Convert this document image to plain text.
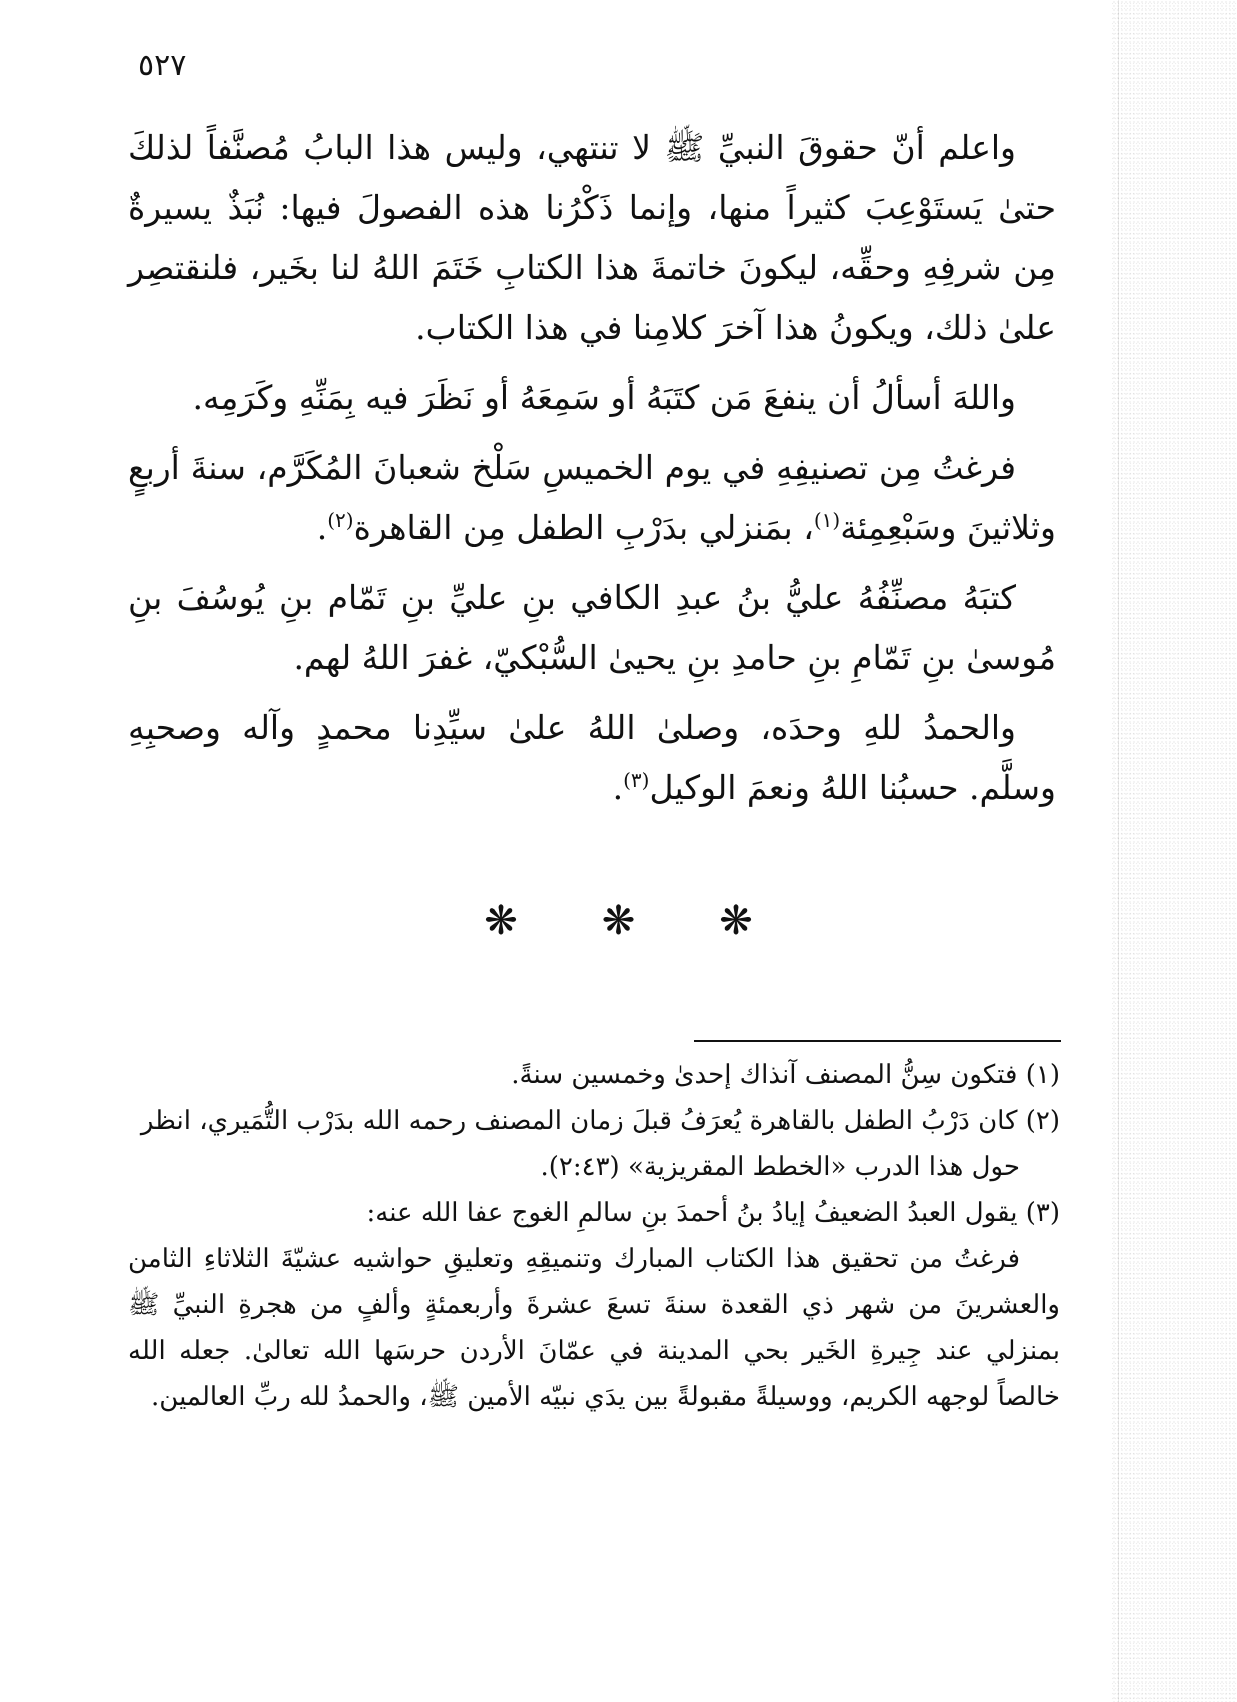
٥٢٧

واعلم أنّ حقوقَ النبيِّ ﷺ لا تنتهي، وليس هذا البابُ مُصنَّفاً لذلكَ حتىٰ يَستَوْعِبَ كثيراً منها، وإنما ذَكْرُنا هذه الفصولَ فيها: نُبَذٌ يسيرةٌ مِن شرفِهِ وحقِّه، ليكونَ خاتمةَ هذا الكتابِ خَتَمَ اللهُ لنا بخَير، فلنقتصِر علىٰ ذلك، ويكونُ هذا آخرَ كلامِنا في هذا الكتاب.

واللهَ أسألُ أن ينفعَ مَن كتَبَهُ أو سَمِعَهُ أو نَظَرَ فيه بِمَنِّهِ وكَرَمِه.

فرغتُ مِن تصنيفِهِ في يوم الخميسِ سَلْخ شعبانَ المُكَرَّم، سنةَ أربعٍ وثلاثينَ وسَبْعِمِئة$^{(١)}$، بمَنزلي بدَرْبِ الطفل مِن القاهرة$^{(٢)}$.

كتبَهُ مصنِّفُهُ عليُّ بنُ عبدِ الكافي بنِ عليِّ بنِ تَمّام بنِ يُوسُفَ بنِ مُوسىٰ بنِ تَمّامِ بنِ حامدِ بنِ يحيىٰ السُّبْكيّ، غفرَ اللهُ لهم.

والحمدُ للهِ وحدَه، وصلىٰ اللهُ علىٰ سيِّدِنا محمدٍ وآله وصحبِهِ وسلَّم. حسبُنا اللهُ ونعمَ الوكيل$^{(٣)}$.

❋❋❋

(١) فتكون سِنُّ المصنف آنذاك إحدىٰ وخمسين سنةً.

(٢) كان دَرْبُ الطفل بالقاهرة يُعرَفُ قبلَ زمان المصنف رحمه الله بدَرْب التُّمَيري، انظر

حول هذا الدرب «الخطط المقريزية» (٢:٤٣).

(٣) يقول العبدُ الضعيفُ إيادُ بنُ أحمدَ بنِ سالمِ الغوج عفا الله عنه:

فرغتُ من تحقيق هذا الكتاب المبارك وتنميقِهِ وتعليقِ حواشيه عشيّةَ الثلاثاءِ الثامن والعشرينَ من شهر ذي القعدة سنةَ تسعَ عشرةَ وأربعمئةٍ وألفٍ من هجرةِ النبيِّ ﷺ بمنزلي عند جِيرةِ الخَير بحي المدينة في عمّانَ الأردن حرسَها الله تعالىٰ. جعله الله خالصاً لوجهه الكريم، ووسيلةً مقبولةً بين يدَي نبيّه الأمين ﷺ، والحمدُ لله ربِّ العالمين.
